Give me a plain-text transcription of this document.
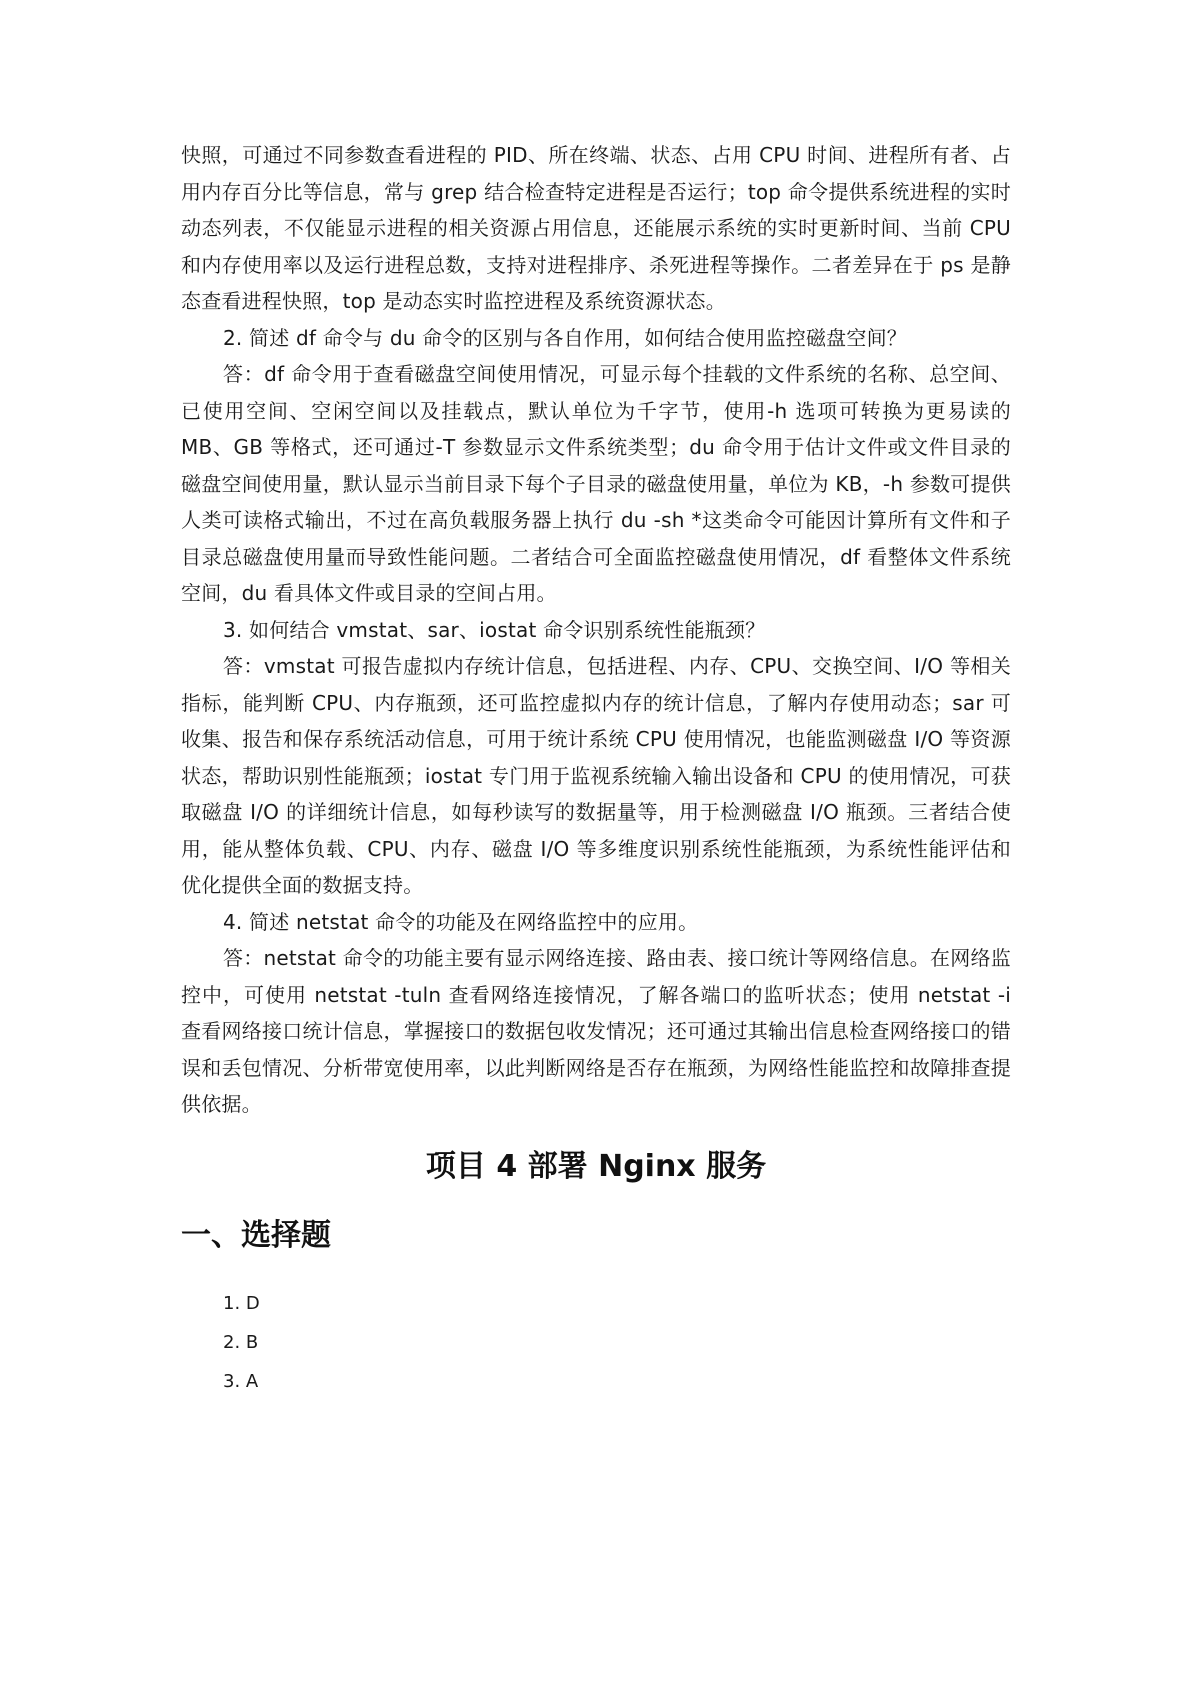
快照，可通过不同参数查看进程的 PID、所在终端、状态、占用 CPU 时间、进程所有者、占用内存百分比等信息，常与 grep 结合检查特定进程是否运行；top 命令提供系统进程的实时动态列表，不仅能显示进程的相关资源占用信息，还能展示系统的实时更新时间、当前 CPU 和内存使用率以及运行进程总数，支持对进程排序、杀死进程等操作。二者差异在于 ps 是静态查看进程快照，top 是动态实时监控进程及系统资源状态。

2. 简述 df 命令与 du 命令的区别与各自作用，如何结合使用监控磁盘空间？

答：df 命令用于查看磁盘空间使用情况，可显示每个挂载的文件系统的名称、总空间、已使用空间、空闲空间以及挂载点，默认单位为千字节，使用-h 选项可转换为更易读的 MB、GB 等格式，还可通过-T 参数显示文件系统类型；du 命令用于估计文件或文件目录的磁盘空间使用量，默认显示当前目录下每个子目录的磁盘使用量，单位为 KB，-h 参数可提供人类可读格式输出，不过在高负载服务器上执行 du -sh *这类命令可能因计算所有文件和子目录总磁盘使用量而导致性能问题。二者结合可全面监控磁盘使用情况，df 看整体文件系统空间，du 看具体文件或目录的空间占用。

3. 如何结合 vmstat、sar、iostat 命令识别系统性能瓶颈？

答：vmstat 可报告虚拟内存统计信息，包括进程、内存、CPU、交换空间、I/O 等相关指标，能判断 CPU、内存瓶颈，还可监控虚拟内存的统计信息，了解内存使用动态；sar 可收集、报告和保存系统活动信息，可用于统计系统 CPU 使用情况，也能监测磁盘 I/O 等资源状态，帮助识别性能瓶颈；iostat 专门用于监视系统输入输出设备和 CPU 的使用情况，可获取磁盘 I/O 的详细统计信息，如每秒读写的数据量等，用于检测磁盘 I/O 瓶颈。三者结合使用，能从整体负载、CPU、内存、磁盘 I/O 等多维度识别系统性能瓶颈，为系统性能评估和优化提供全面的数据支持。

4. 简述 netstat 命令的功能及在网络监控中的应用。

答：netstat 命令的功能主要有显示网络连接、路由表、接口统计等网络信息。在网络监控中，可使用 netstat -tuln 查看网络连接情况，了解各端口的监听状态；使用 netstat -i 查看网络接口统计信息，掌握接口的数据包收发情况；还可通过其输出信息检查网络接口的错误和丢包情况、分析带宽使用率，以此判断网络是否存在瓶颈，为网络性能监控和故障排查提供依据。

项目 4 部署 Nginx 服务
一、选择题
1. D
2. B
3. A
